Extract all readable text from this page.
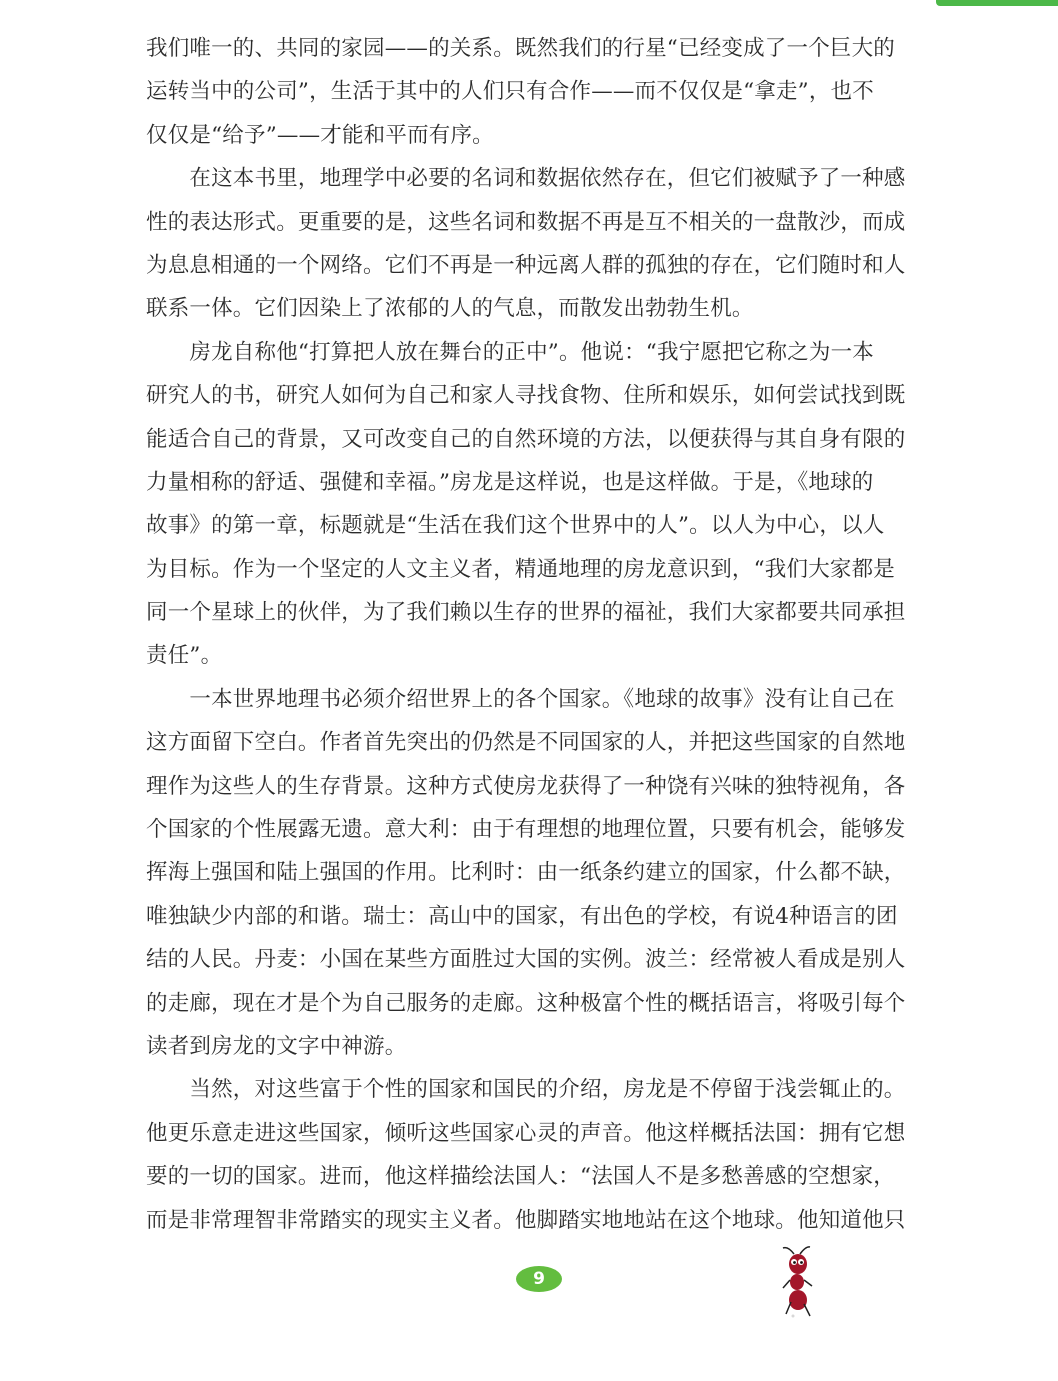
我们唯一的、共同的家园——的关系。既然我们的行星“已经变成了一个巨大的
运转当中的公司”，生活于其中的人们只有合作——而不仅仅是“拿走”，也不
仅仅是“给予”——才能和平而有序。
　　在这本书里，地理学中必要的名词和数据依然存在，但它们被赋予了一种感
性的表达形式。更重要的是，这些名词和数据不再是互不相关的一盘散沙，而成
为息息相通的一个网络。它们不再是一种远离人群的孤独的存在，它们随时和人
联系一体。它们因染上了浓郁的人的气息，而散发出勃勃生机。
　　房龙自称他“打算把人放在舞台的正中”。他说：“我宁愿把它称之为一本
研究人的书，研究人如何为自己和家人寻找食物、住所和娱乐，如何尝试找到既
能适合自己的背景，又可改变自己的自然环境的方法，以便获得与其自身有限的
力量相称的舒适、强健和幸福。”房龙是这样说，也是这样做。于是，《地球的
故事》的第一章，标题就是“生活在我们这个世界中的人”。以人为中心，以人
为目标。作为一个坚定的人文主义者，精通地理的房龙意识到，“我们大家都是
同一个星球上的伙伴，为了我们赖以生存的世界的福祉，我们大家都要共同承担
责任”。
　　一本世界地理书必须介绍世界上的各个国家。《地球的故事》没有让自己在
这方面留下空白。作者首先突出的仍然是不同国家的人，并把这些国家的自然地
理作为这些人的生存背景。这种方式使房龙获得了一种饶有兴味的独特视角，各
个国家的个性展露无遗。意大利：由于有理想的地理位置，只要有机会，能够发
挥海上强国和陆上强国的作用。比利时：由一纸条约建立的国家，什么都不缺，
唯独缺少内部的和谐。瑞士：高山中的国家，有出色的学校，有说4种语言的团
结的人民。丹麦：小国在某些方面胜过大国的实例。波兰：经常被人看成是别人
的走廊，现在才是个为自己服务的走廊。这种极富个性的概括语言，将吸引每个
读者到房龙的文字中神游。
　　当然，对这些富于个性的国家和国民的介绍，房龙是不停留于浅尝辄止的。
他更乐意走进这些国家，倾听这些国家心灵的声音。他这样概括法国：拥有它想
要的一切的国家。进而，他这样描绘法国人：“法国人不是多愁善感的空想家，
而是非常理智非常踏实的现实主义者。他脚踏实地地站在这个地球。他知道他只
9
